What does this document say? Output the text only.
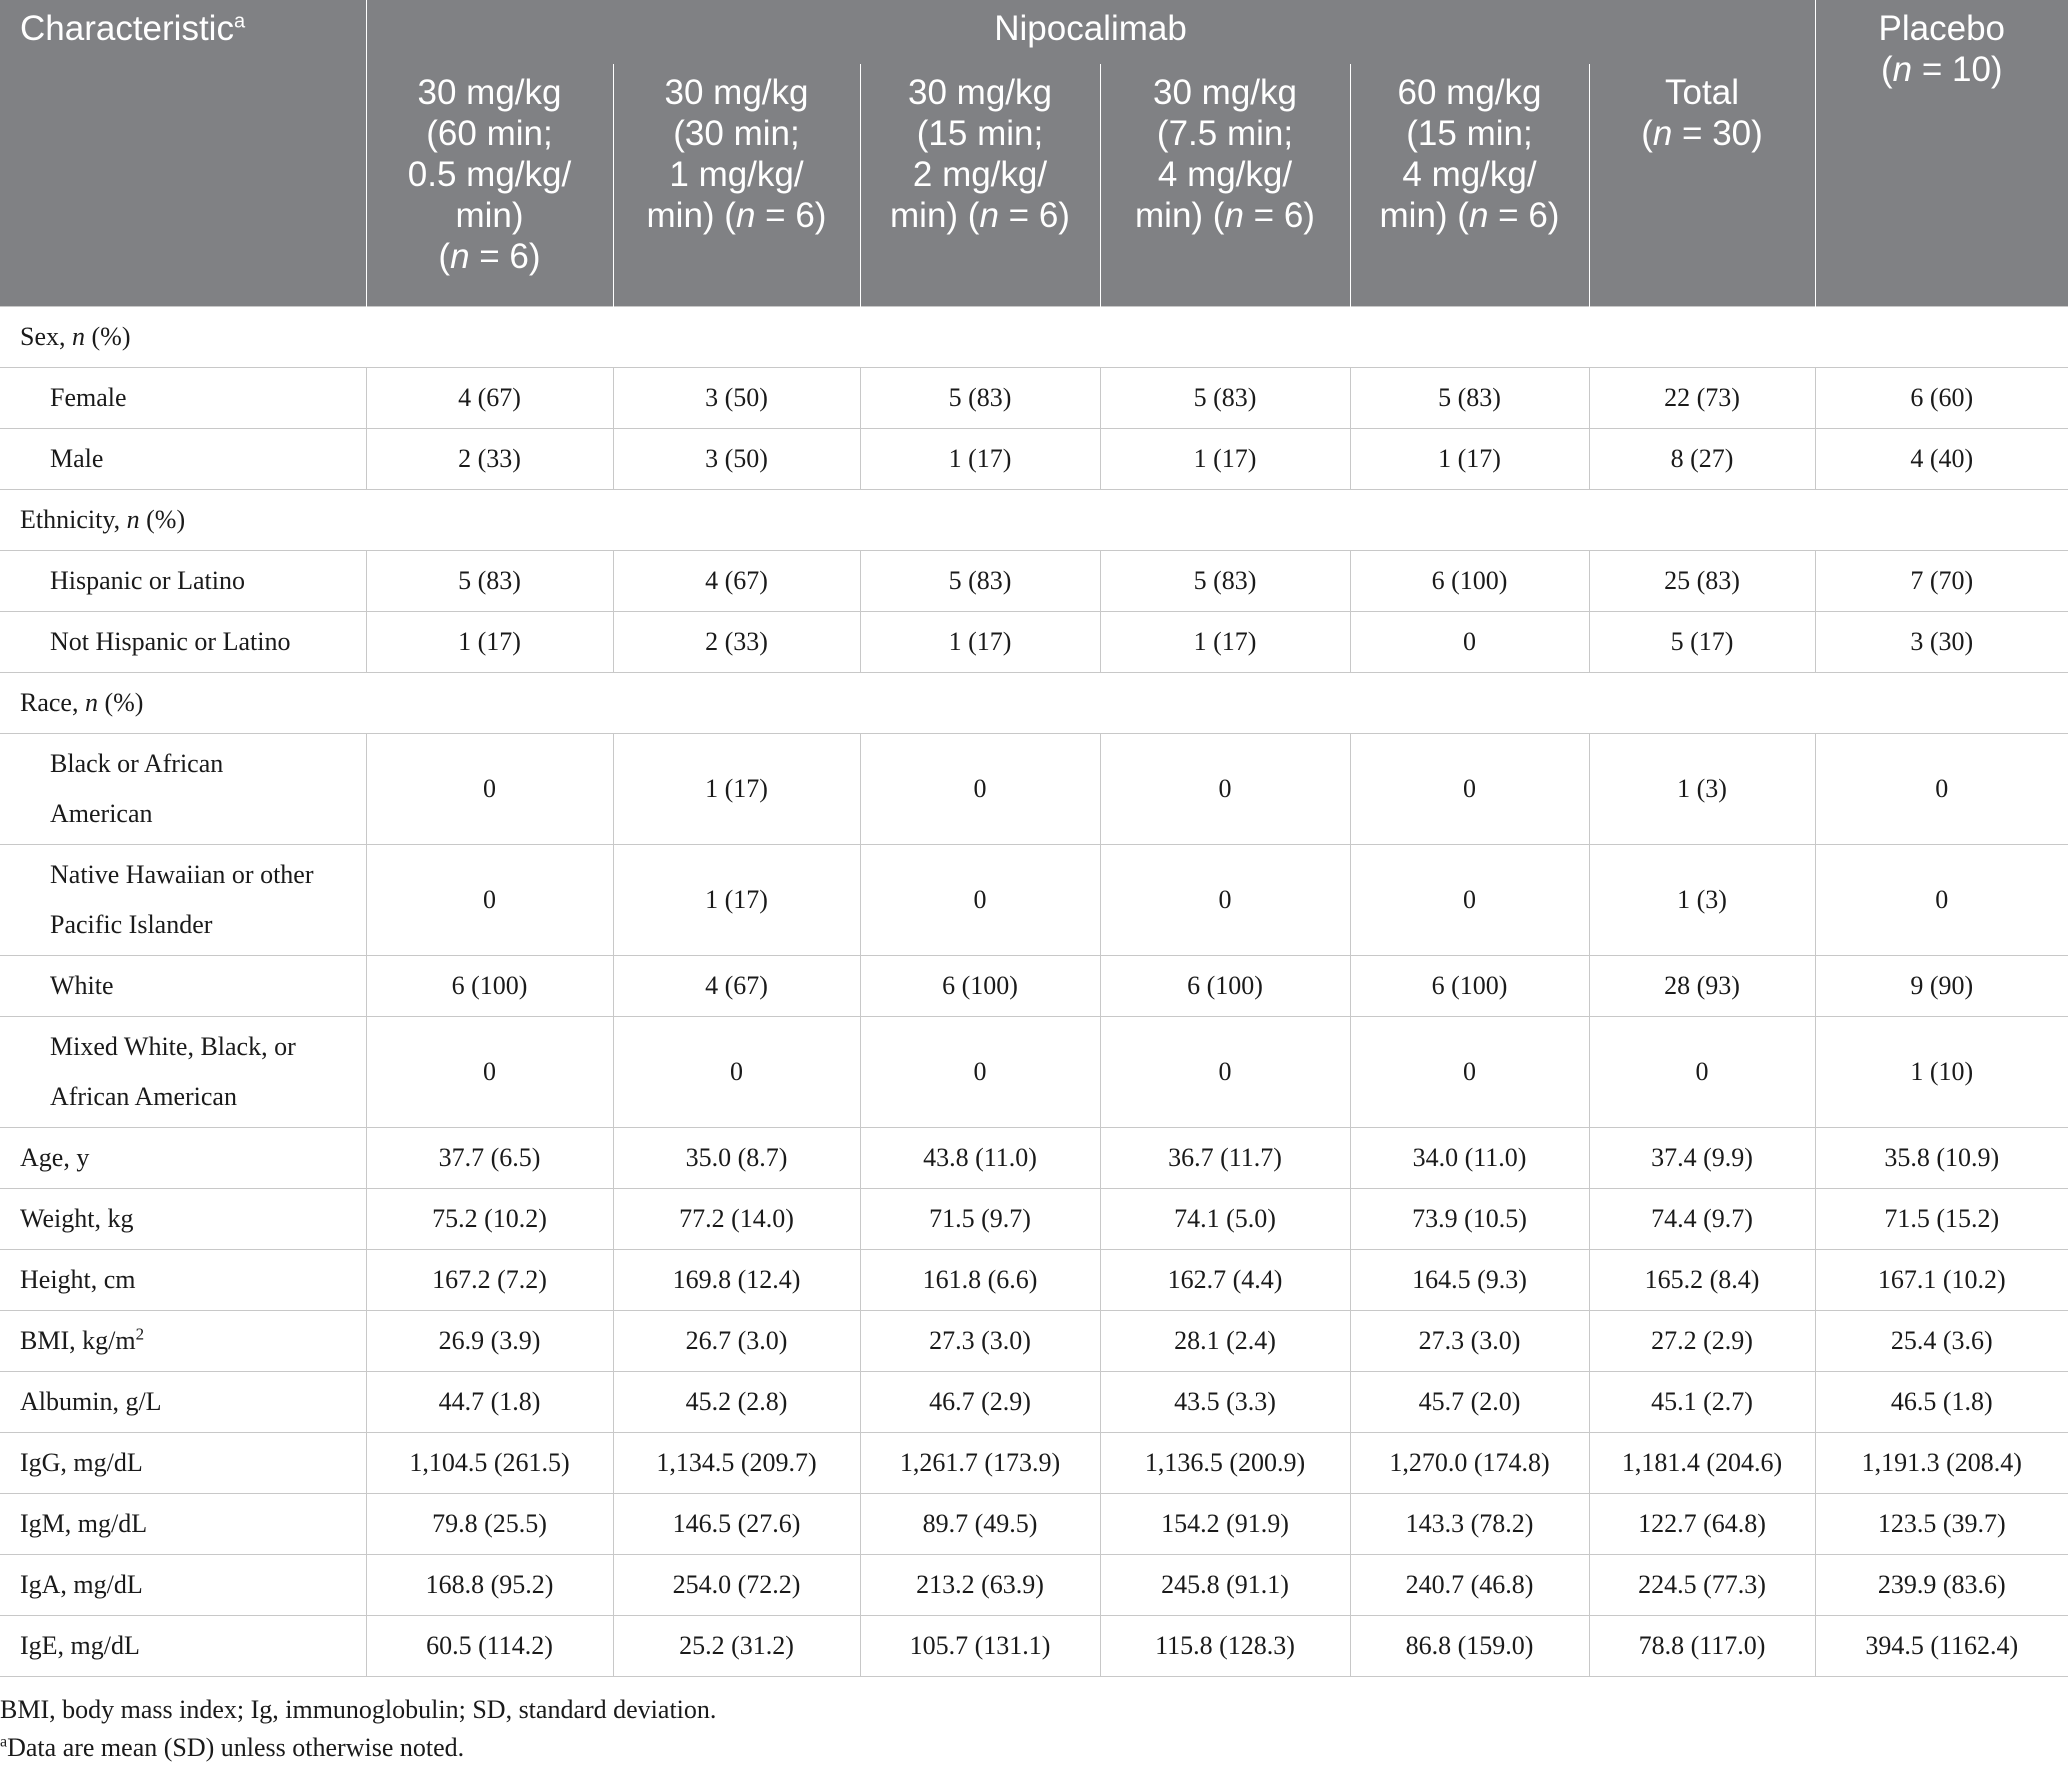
Characteristic$^a$	Nipocalimab						Placebo
(n = 10)
	30 mg/kg
(60 min;
0.5 mg/kg/
min)
(n = 6)	30 mg/kg
(30 min;
1 mg/kg/
min) (n = 6)	30 mg/kg
(15 min;
2 mg/kg/
min) (n = 6)	30 mg/kg
(7.5 min;
4 mg/kg/
min) (n = 6)	60 mg/kg
(15 min;
4 mg/kg/
min) (n = 6)	Total
(n = 30)	
Sex, n (%)							
Female	4 (67)	3 (50)	5 (83)	5 (83)	5 (83)	22 (73)	6 (60)
Male	2 (33)	3 (50)	1 (17)	1 (17)	1 (17)	8 (27)	4 (40)
Ethnicity, n (%)							
Hispanic or Latino	5 (83)	4 (67)	5 (83)	5 (83)	6 (100)	25 (83)	7 (70)
Not Hispanic or Latino	1 (17)	2 (33)	1 (17)	1 (17)	0	5 (17)	3 (30)
Race, n (%)							
Black or African
American	0	1 (17)	0	0	0	1 (3)	0
Native Hawaiian or other
Pacific Islander	0	1 (17)	0	0	0	1 (3)	0
White	6 (100)	4 (67)	6 (100)	6 (100)	6 (100)	28 (93)	9 (90)
Mixed White, Black, or
African American	0	0	0	0	0	0	1 (10)
Age, y	37.7 (6.5)	35.0 (8.7)	43.8 (11.0)	36.7 (11.7)	34.0 (11.0)	37.4 (9.9)	35.8 (10.9)
Weight, kg	75.2 (10.2)	77.2 (14.0)	71.5 (9.7)	74.1 (5.0)	73.9 (10.5)	74.4 (9.7)	71.5 (15.2)
Height, cm	167.2 (7.2)	169.8 (12.4)	161.8 (6.6)	162.7 (4.4)	164.5 (9.3)	165.2 (8.4)	167.1 (10.2)
BMI, $kg/m^2$	26.9 (3.9)	26.7 (3.0)	27.3 (3.0)	28.1 (2.4)	27.3 (3.0)	27.2 (2.9)	25.4 (3.6)
Albumin, g/L	44.7 (1.8)	45.2 (2.8)	46.7 (2.9)	43.5 (3.3)	45.7 (2.0)	45.1 (2.7)	46.5 (1.8)
IgG, mg/dL	1,104.5 (261.5)	1,134.5 (209.7)	1,261.7 (173.9)	1,136.5 (200.9)	1,270.0 (174.8)	1,181.4 (204.6)	1,191.3 (208.4)
IgM, mg/dL	79.8 (25.5)	146.5 (27.6)	89.7 (49.5)	154.2 (91.9)	143.3 (78.2)	122.7 (64.8)	123.5 (39.7)
IgA, mg/dL	168.8 (95.2)	254.0 (72.2)	213.2 (63.9)	245.8 (91.1)	240.7 (46.8)	224.5 (77.3)	239.9 (83.6)
IgE, mg/dL	60.5 (114.2)	25.2 (31.2)	105.7 (131.1)	115.8 (128.3)	86.8 (159.0)	78.8 (117.0)	394.5 (1162.4)
BMI, body mass index; Ig, immunoglobulin; SD, standard deviation.
$^a$Data are mean (SD) unless otherwise noted.
